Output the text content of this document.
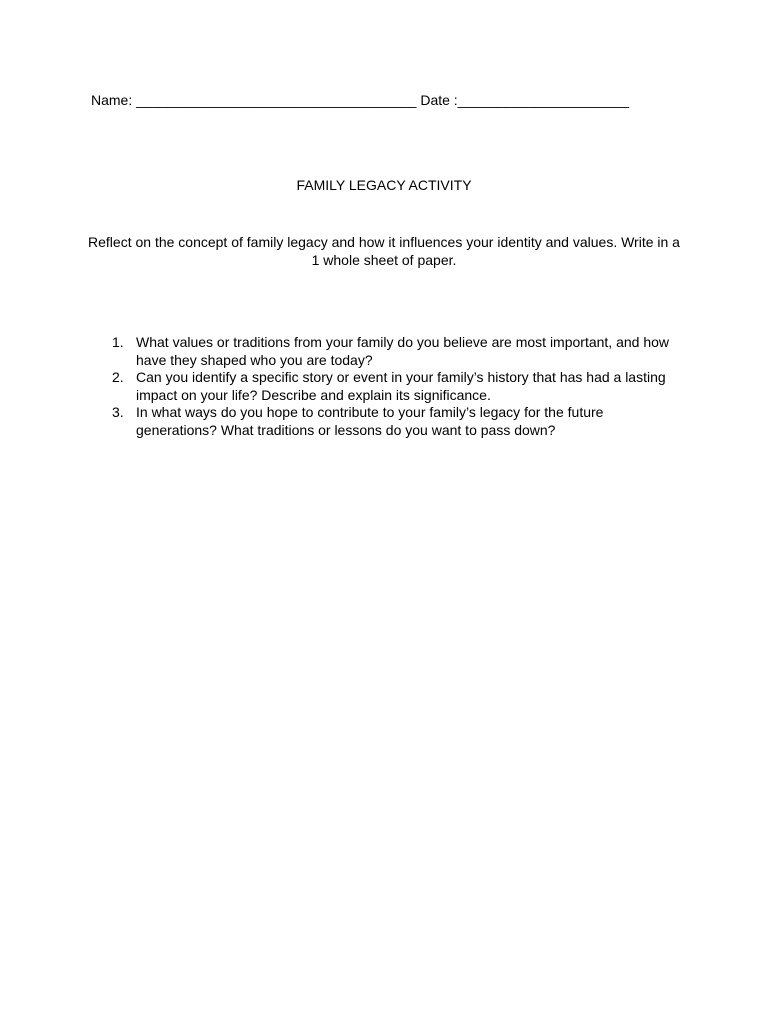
Name: ____________________________________ Date :______________________
FAMILY LEGACY ACTIVITY
Reflect on the concept of family legacy and how it influences your identity and values. Write in a 1 whole sheet of paper.
1. What values or traditions from your family do you believe are most important, and how have they shaped who you are today?
2. Can you identify a specific story or event in your family’s history that has had a lasting impact on your life? Describe and explain its significance.
3. In what ways do you hope to contribute to your family’s legacy for the future generations? What traditions or lessons do you want to pass down?
